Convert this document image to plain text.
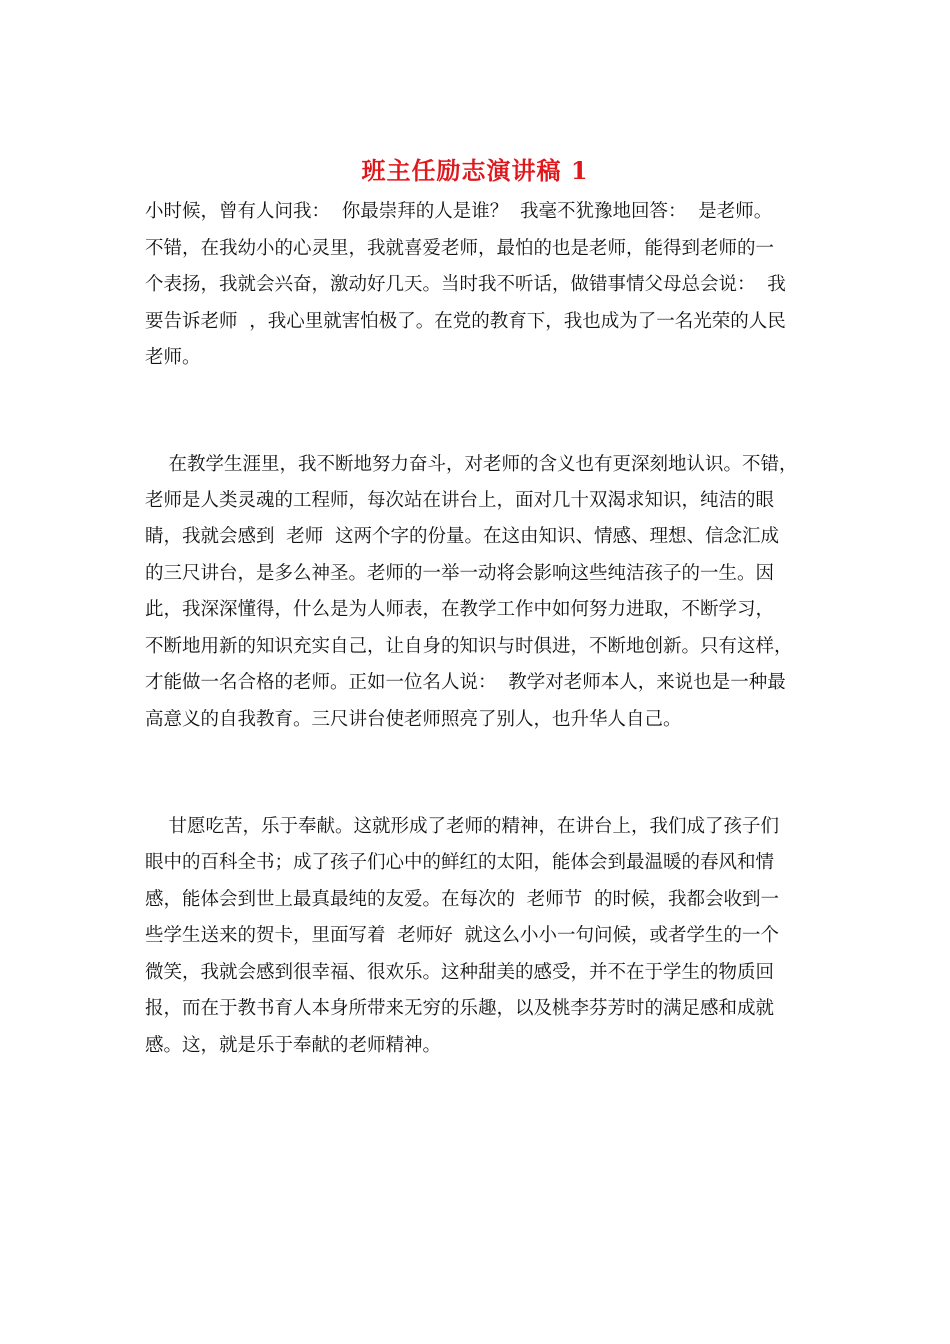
班主任励志演讲稿 1
小时候，曾有人问我：  你最崇拜的人是谁？  我毫不犹豫地回答：  是老师。
不错，在我幼小的心灵里，我就喜爱老师，最怕的也是老师，能得到老师的一
个表扬，我就会兴奋，激动好几天。当时我不听话，做错事情父母总会说：  我
要告诉老师  ，我心里就害怕极了。在党的教育下，我也成为了一名光荣的人民
老师。
在教学生涯里，我不断地努力奋斗，对老师的含义也有更深刻地认识。不错，
老师是人类灵魂的工程师，每次站在讲台上，面对几十双渴求知识，纯洁的眼
睛，我就会感到  老师  这两个字的份量。在这由知识、情感、理想、信念汇成
的三尺讲台，是多么神圣。老师的一举一动将会影响这些纯洁孩子的一生。因
此，我深深懂得，什么是为人师表，在教学工作中如何努力进取，不断学习，
不断地用新的知识充实自己，让自身的知识与时俱进，不断地创新。只有这样，
才能做一名合格的老师。正如一位名人说：  教学对老师本人，来说也是一种最
高意义的自我教育。三尺讲台使老师照亮了别人，也升华人自己。
甘愿吃苦，乐于奉献。这就形成了老师的精神，在讲台上，我们成了孩子们
眼中的百科全书；成了孩子们心中的鲜红的太阳，能体会到最温暖的春风和情
感，能体会到世上最真最纯的友爱。在每次的  老师节  的时候，我都会收到一
些学生送来的贺卡，里面写着  老师好  就这么小小一句问候，或者学生的一个
微笑，我就会感到很幸福、很欢乐。这种甜美的感受，并不在于学生的物质回
报，而在于教书育人本身所带来无穷的乐趣，以及桃李芬芳时的满足感和成就
感。这，就是乐于奉献的老师精神。
